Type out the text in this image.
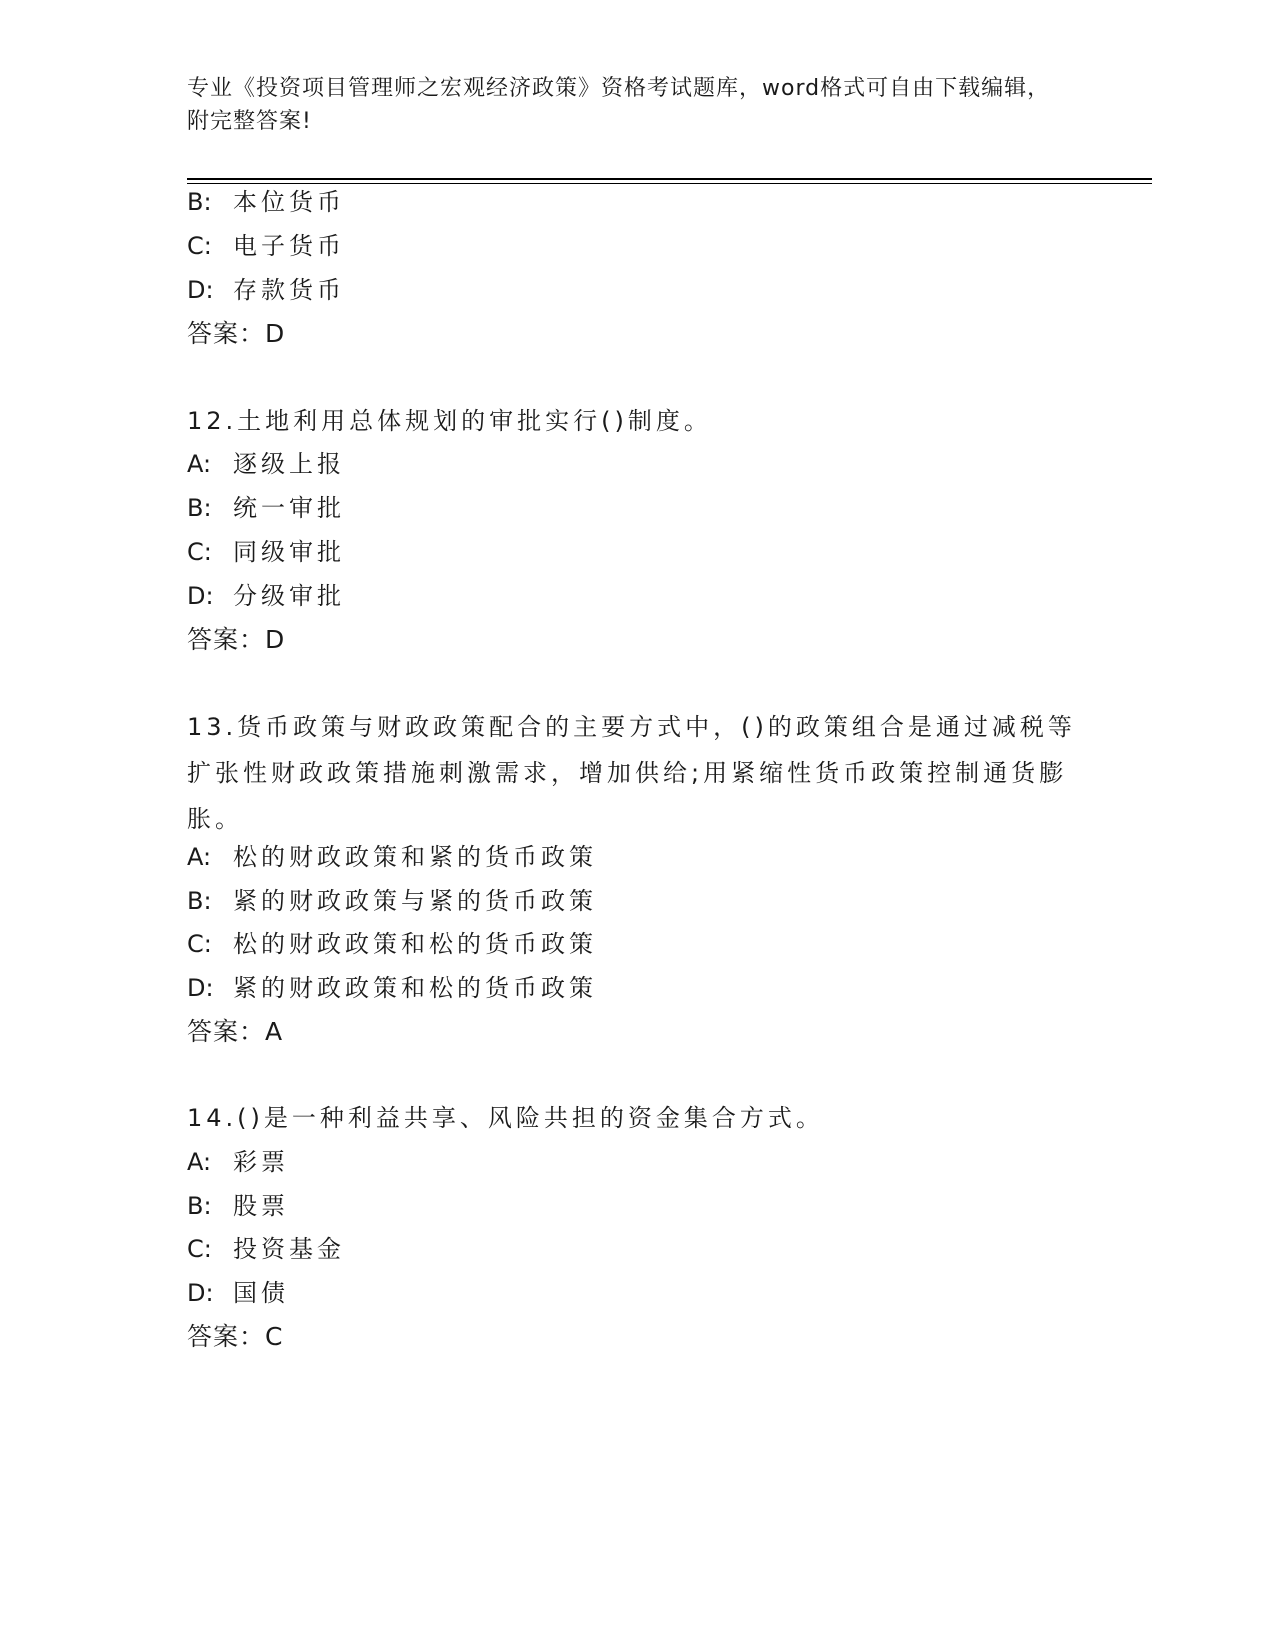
专业《投资项目管理师之宏观经济政策》资格考试题库，word格式可自由下载编辑，附完整答案!
B: 本位货币
C: 电子货币
D: 存款货币
答案：D
12.土地利用总体规划的审批实行()制度。
A: 逐级上报
B: 统一审批
C: 同级审批
D: 分级审批
答案：D
13.货币政策与财政政策配合的主要方式中，()的政策组合是通过减税等扩张性财政政策措施刺激需求，增加供给;用紧缩性货币政策控制通货膨胀。
A: 松的财政政策和紧的货币政策
B: 紧的财政政策与紧的货币政策
C: 松的财政政策和松的货币政策
D: 紧的财政政策和松的货币政策
答案：A
14.()是一种利益共享、风险共担的资金集合方式。
A: 彩票
B: 股票
C: 投资基金
D: 国债
答案：C
